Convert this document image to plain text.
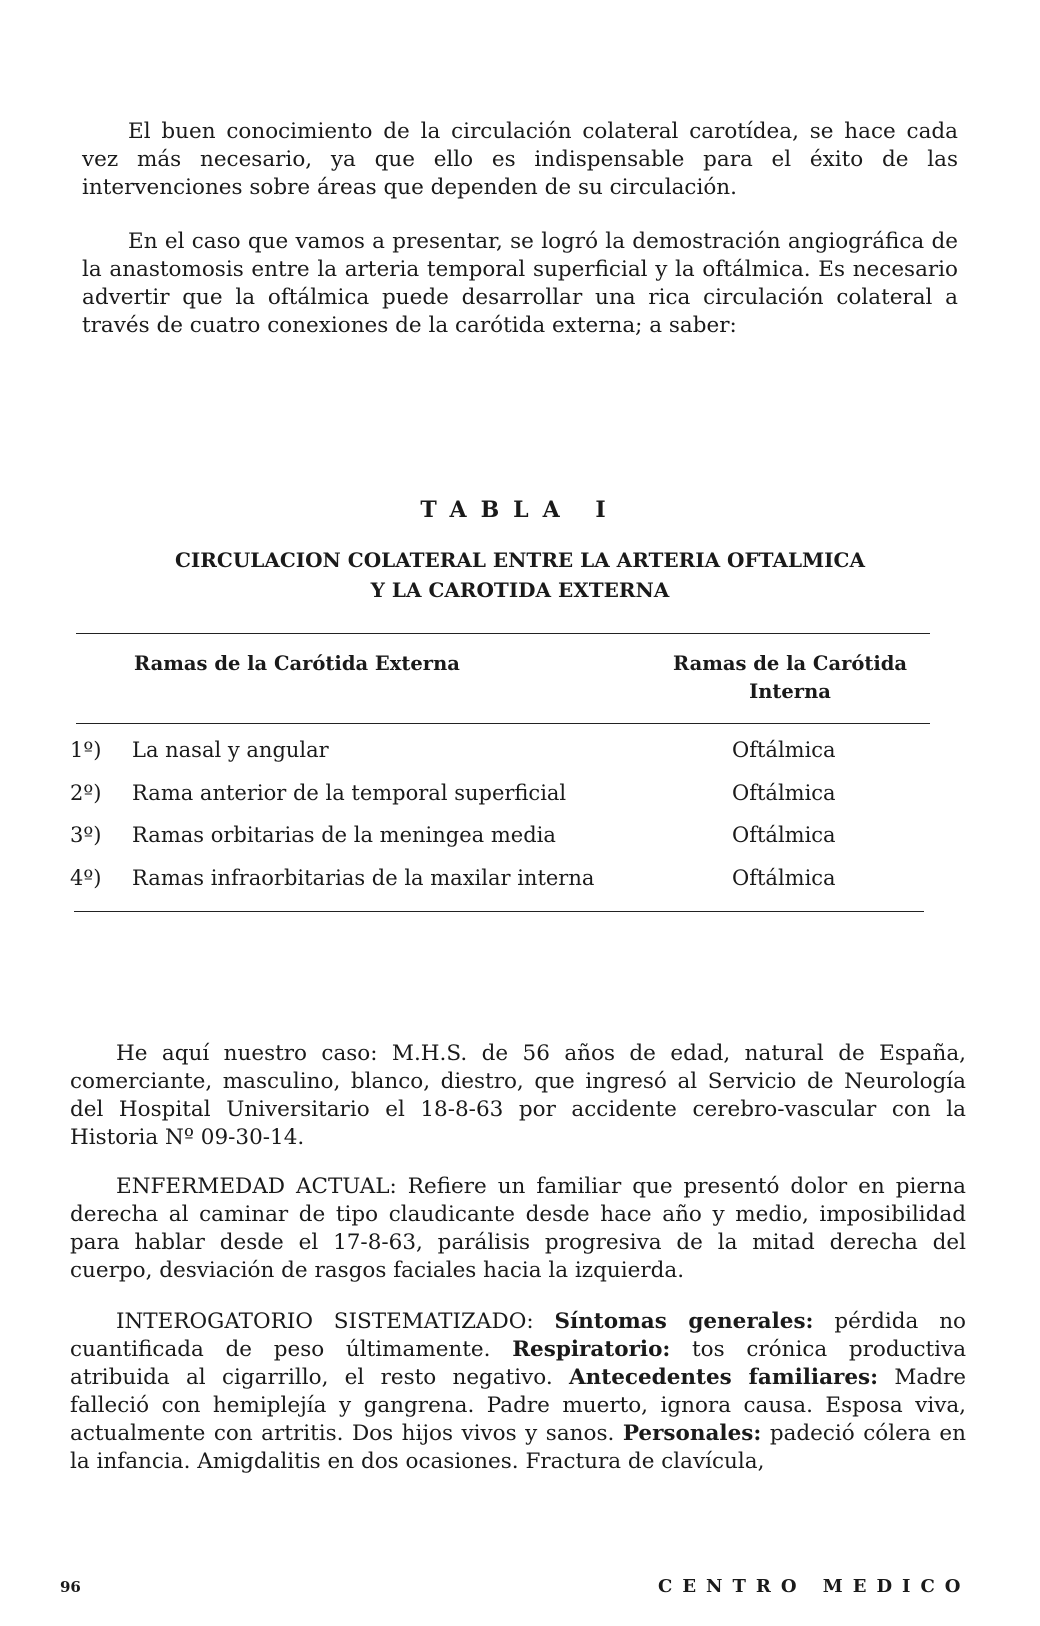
El buen conocimiento de la circulación colateral carotídea, se hace cada vez más necesario, ya que ello es indispensable para el éxito de las intervenciones sobre áreas que dependen de su circulación.

En el caso que vamos a presentar, se logró la demostración angiográfica de la anastomosis entre la arteria temporal superficial y la oftálmica. Es necesario advertir que la oftálmica puede desarrollar una rica circulación colateral a través de cuatro conexiones de la carótida externa; a saber:

TABLA I
CIRCULACION COLATERAL ENTRE LA ARTERIA OFTALMICA
Y LA CAROTIDA EXTERNA
Ramas de la Carótida Externa	Ramas de la Carótida
Interna
1º) La nasal y angular	Oftálmica
2º) Rama anterior de la temporal superficial	Oftálmica
3º) Ramas orbitarias de la meningea media	Oftálmica
4º) Ramas infraorbitarias de la maxilar interna	Oftálmica

He aquí nuestro caso: M.H.S. de 56 años de edad, natural de España, comerciante, masculino, blanco, diestro, que ingresó al Servicio de Neurología del Hospital Universitario el 18-8-63 por accidente cerebro-vascular con la Historia Nº 09-30-14.

ENFERMEDAD ACTUAL: Refiere un familiar que presentó dolor en pierna derecha al caminar de tipo claudicante desde hace año y medio, imposibilidad para hablar desde el 17-8-63, parálisis progresiva de la mitad derecha del cuerpo, desviación de rasgos faciales hacia la izquierda.

INTEROGATORIO SISTEMATIZADO: Síntomas generales: pérdida no cuantificada de peso últimamente. Respiratorio: tos crónica productiva atribuida al cigarrillo, el resto negativo. Antecedentes familiares: Madre falleció con hemiplejía y gangrena. Padre muerto, ignora causa. Esposa viva, actualmente con artritis. Dos hijos vivos y sanos. Personales: padeció cólera en la infancia. Amigdalitis en dos ocasiones. Fractura de clavícula,

96	CENTRO MEDICO
